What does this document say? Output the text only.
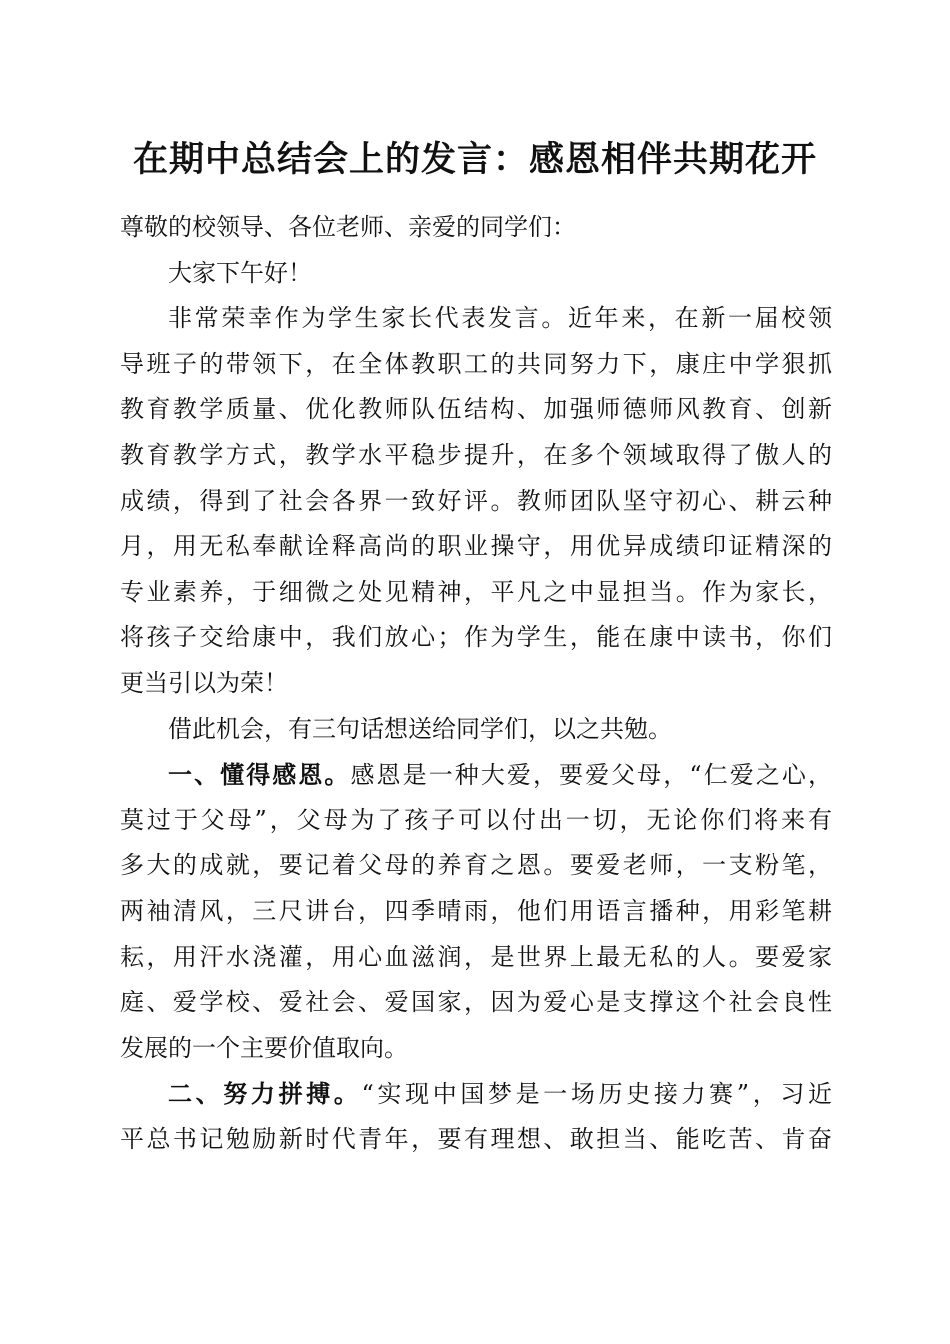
在期中总结会上的发言：感恩相伴共期花开
尊敬的校领导、各位老师、亲爱的同学们：
大家下午好！
非常荣幸作为学生家长代表发言。近年来，在新一届校领
导班子的带领下，在全体教职工的共同努力下，康庄中学狠抓
教育教学质量、优化教师队伍结构、加强师德师风教育、创新
教育教学方式，教学水平稳步提升，在多个领域取得了傲人的
成绩，得到了社会各界一致好评。教师团队坚守初心、耕云种
月，用无私奉献诠释高尚的职业操守，用优异成绩印证精深的
专业素养，于细微之处见精神，平凡之中显担当。作为家长，
将孩子交给康中，我们放心；作为学生，能在康中读书，你们
更当引以为荣！
借此机会，有三句话想送给同学们，以之共勉。
一、懂得感恩。感恩是一种大爱，要爱父母，“仁爱之心，
莫过于父母”，父母为了孩子可以付出一切，无论你们将来有
多大的成就，要记着父母的养育之恩。要爱老师，一支粉笔，
两袖清风，三尺讲台，四季晴雨，他们用语言播种，用彩笔耕
耘，用汗水浇灌，用心血滋润，是世界上最无私的人。要爱家
庭、爱学校、爱社会、爱国家，因为爱心是支撑这个社会良性
发展的一个主要价值取向。
二、努力拼搏。“实现中国梦是一场历史接力赛”，习近
平总书记勉励新时代青年，要有理想、敢担当、能吃苦、肯奋
